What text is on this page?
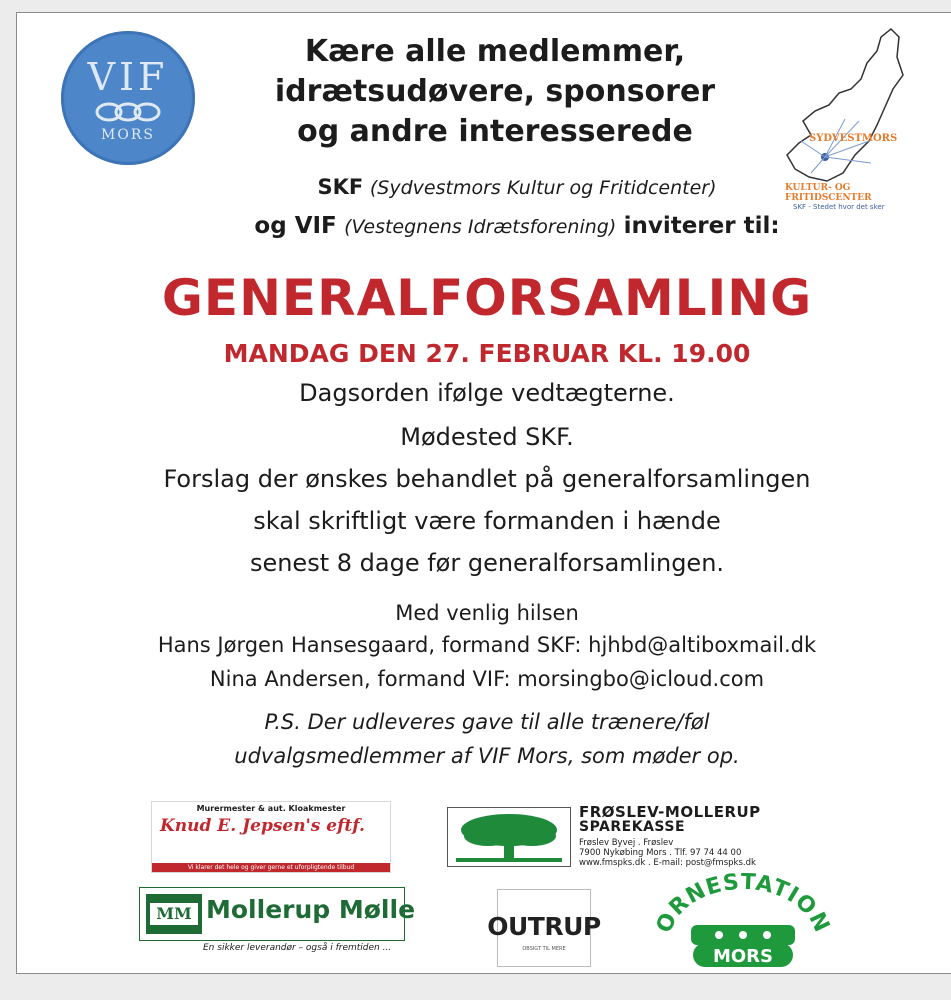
VIF
MORS	SYDVESTMORS
KULTUR- OG FRITIDSCENTER
SKF - Stedet hvor det sker
Kære alle medlemmer,
idrætsudøvere, sponsorer
og andre interesserede
SKF (Sydvestmors Kultur og Fritidcenter)
og VIF (Vestegnens Idrætsforening) inviterer til:
GENERALFORSAMLING
MANDAG DEN 27. FEBRUAR KL. 19.00
Dagsorden ifølge vedtægterne.
Mødested SKF.
Forslag der ønskes behandlet på generalforsamlingen
skal skriftligt være formanden i hænde
senest 8 dage før generalforsamlingen.
Med venlig hilsen
Hans Jørgen Hansesgaard, formand SKF: hjhbd@altiboxmail.dk
Nina Andersen, formand VIF: morsingbo@icloud.com
P.S. Der udleveres gave til alle trænere/føl
udvalgsmedlemmer af VIF Mors, som møder op.
Murermester & aut. Kloakmester
Knud E. Jepsen's eftf.
Vi klarer det hele og giver gerne et uforpligtende tilbud
FRØSLEV-MOLLERUP
SPAREKASSE
Frøslev Byvej . Frøslev
7900 Nykøbing Mors . Tlf. 97 74 44 00
www.fmspks.dk . E-mail: post@fmspks.dk
MM Mollerup Mølle
En sikker leverandør – også i fremtiden ...
OUTRUP
OBSIGT TIL MERE
ORNESTATION
MORS
